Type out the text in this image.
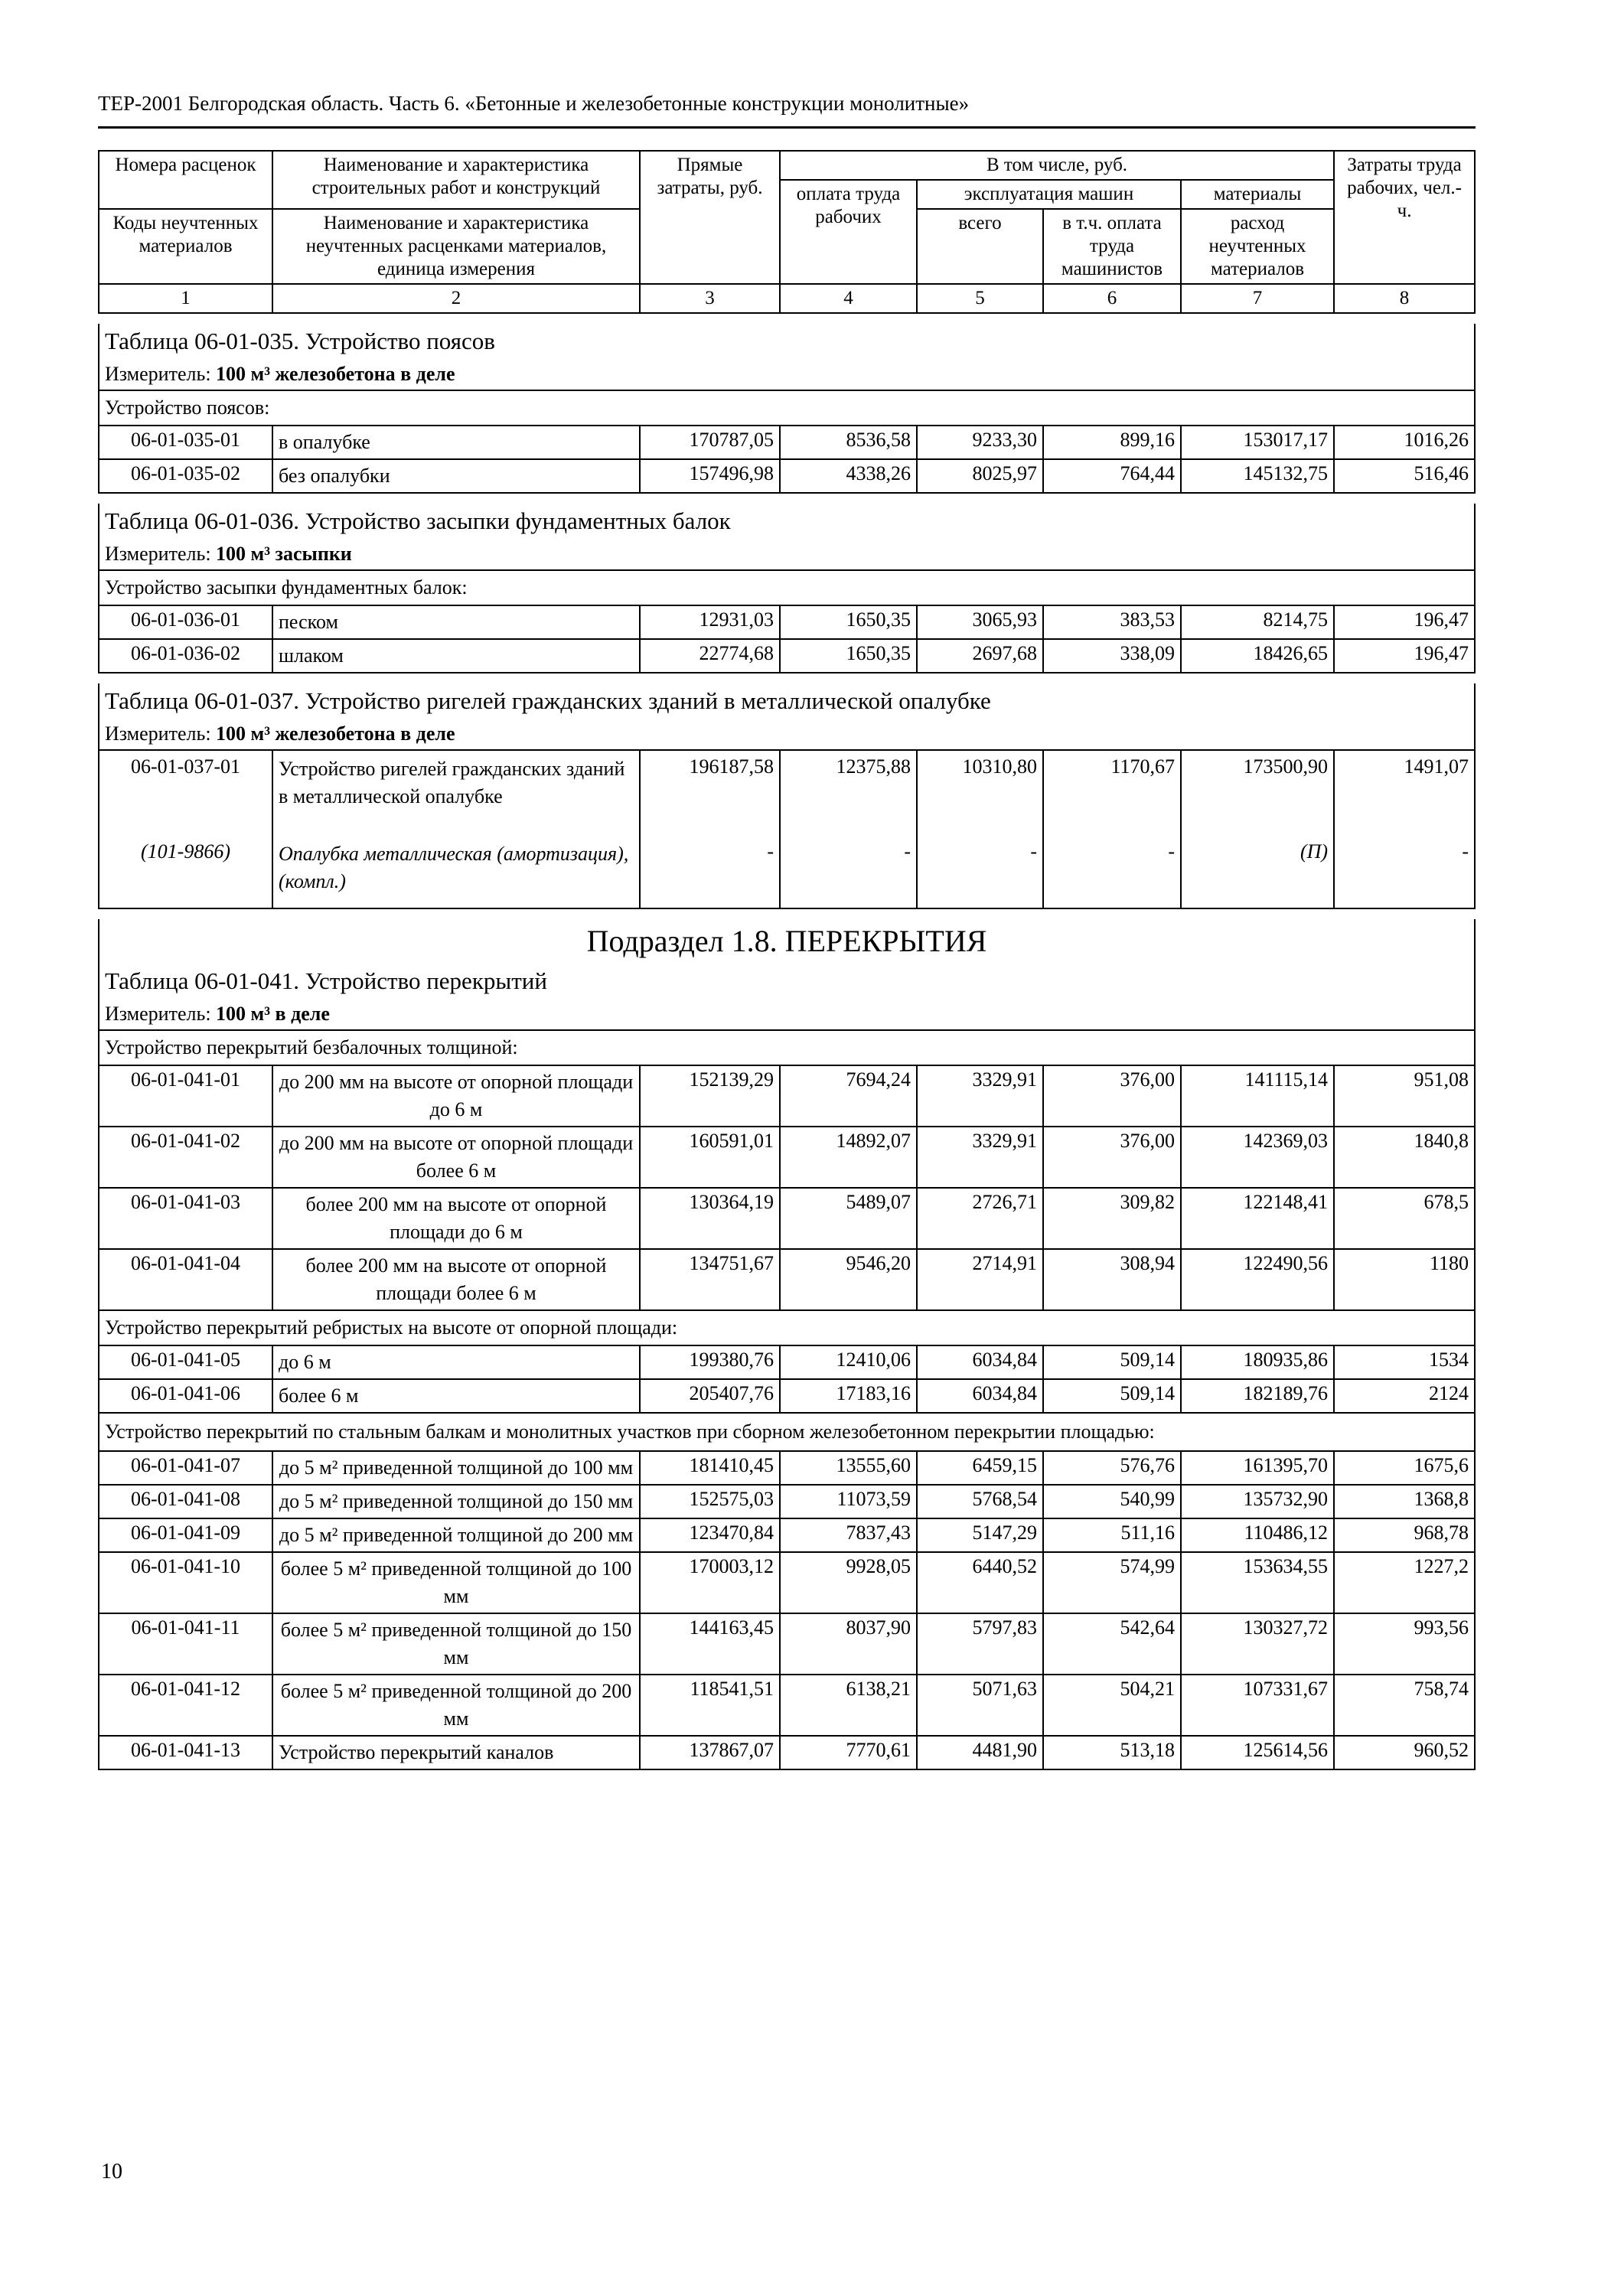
ТЕР-2001 Белгородская область. Часть 6. «Бетонные и железобетонные конструкции монолитные»
Номера расценок	Наименование и характеристика строительных работ и конструкций	Прямые затраты, руб.	В том числе, руб.				Затраты труда рабочих, чел.-ч.
			оплата труда рабочих	эксплуатация машин		материалы	
Коды неучтенных материалов	Наименование и характеристика неучтенных расценками материалов, единица измерения			всего	в т.ч. оплата труда машинистов	расход неучтенных материалов	
1	2	3	4	5	6	7	8

Таблица 06-01-035. Устройство поясов							
Измеритель: 100 м³ железобетона в деле							
Устройство поясов:							
06-01-035-01	в опалубке	170787,05	8536,58	9233,30	899,16	153017,17	1016,26
06-01-035-02	без опалубки	157496,98	4338,26	8025,97	764,44	145132,75	516,46

Таблица 06-01-036. Устройство засыпки фундаментных балок							
Измеритель: 100 м³ засыпки							
Устройство засыпки фундаментных балок:							
06-01-036-01	песком	12931,03	1650,35	3065,93	383,53	8214,75	196,47
06-01-036-02	шлаком	22774,68	1650,35	2697,68	338,09	18426,65	196,47

Таблица 06-01-037. Устройство ригелей гражданских зданий в металлической опалубке							
Измеритель: 100 м³ железобетона в деле							
06-01-037-01	Устройство ригелей гражданских зданий в металлической опалубке	196187,58	12375,88	10310,80	1170,67	173500,90	1491,07
(101-9866)	Опалубка металлическая (амортизация), (компл.)	-	-	-	-	(П)	-

Подраздел 1.8. ПЕРЕКРЫТИЯ							
Таблица 06-01-041. Устройство перекрытий							
Измеритель: 100 м³ в деле							
Устройство перекрытий безбалочных толщиной:							
06-01-041-01	до 200 мм на высоте от опорной площади до 6 м	152139,29	7694,24	3329,91	376,00	141115,14	951,08
06-01-041-02	до 200 мм на высоте от опорной площади более 6 м	160591,01	14892,07	3329,91	376,00	142369,03	1840,8
06-01-041-03	более 200 мм на высоте от опорной площади до 6 м	130364,19	5489,07	2726,71	309,82	122148,41	678,5
06-01-041-04	более 200 мм на высоте от опорной площади более 6 м	134751,67	9546,20	2714,91	308,94	122490,56	1180
Устройство перекрытий ребристых на высоте от опорной площади:							
06-01-041-05	до 6 м	199380,76	12410,06	6034,84	509,14	180935,86	1534
06-01-041-06	более 6 м	205407,76	17183,16	6034,84	509,14	182189,76	2124
Устройство перекрытий по стальным балкам и монолитных участков при сборном железобетонном перекрытии площадью:							
06-01-041-07	до 5 м² приведенной толщиной до 100 мм	181410,45	13555,60	6459,15	576,76	161395,70	1675,6
06-01-041-08	до 5 м² приведенной толщиной до 150 мм	152575,03	11073,59	5768,54	540,99	135732,90	1368,8
06-01-041-09	до 5 м² приведенной толщиной до 200 мм	123470,84	7837,43	5147,29	511,16	110486,12	968,78
06-01-041-10	более 5 м² приведенной толщиной до 100 мм	170003,12	9928,05	6440,52	574,99	153634,55	1227,2
06-01-041-11	более 5 м² приведенной толщиной до 150 мм	144163,45	8037,90	5797,83	542,64	130327,72	993,56
06-01-041-12	более 5 м² приведенной толщиной до 200 мм	118541,51	6138,21	5071,63	504,21	107331,67	758,74
06-01-041-13	Устройство перекрытий каналов	137867,07	7770,61	4481,90	513,18	125614,56	960,52
10
